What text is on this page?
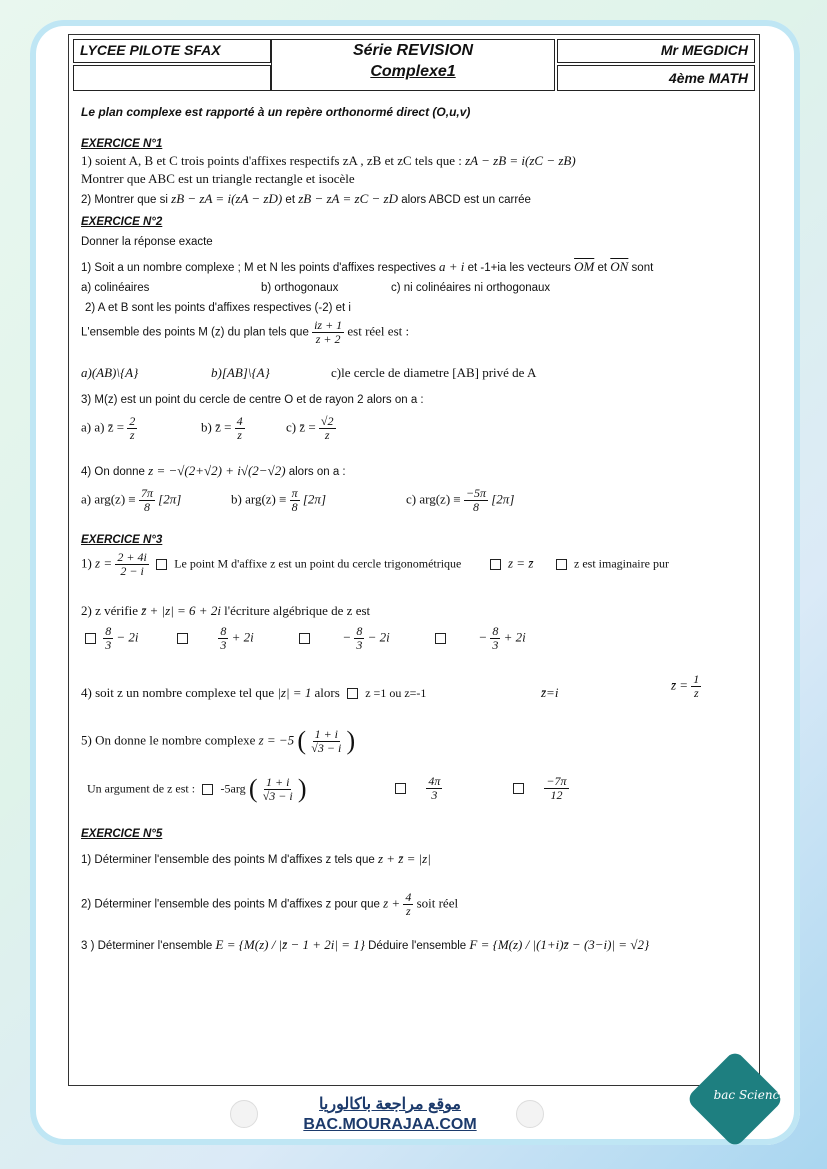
LYCEE PILOTE SFAX	Série REVISION
Complexe1
Mr MEGDICH
4ème MATH
Le plan complexe est rapporté à un repère orthonormé direct (O,u,v)
EXERCICE N°1
1) soient A, B et C trois points d'affixes respectifs zA , zB et zC tels que : zA − zB = i(zC − zB)
Montrer que ABC est un triangle rectangle et isocèle
2) Montrer que si zB − zA = i(zA − zD) et zB − zA = zC − zD alors ABCD est un carrée
EXERCICE N°2
Donner la réponse exacte
1) Soit a un nombre complexe ; M et N les points d'affixes respectives a + i et -1+ia les vecteurs $\overline{OM}$ et $\overline{ON}$ sont
a) colinéaires	b) orthogonaux	c) ni colinéaires ni orthogonaux
2) A et B sont les points d'affixes respectives (-2) et i
L'ensemble des points M (z) du plan tels que $\frac{iz + 1}{z + 2}$ est réel est :
a)(AB)\{A}	b)[AB]\{A}	c)le cercle de diametre [AB] privé de A
3) M(z) est un point du cercle de centre O et de rayon 2 alors on a :
a) a) z̄ = $\frac{2}{z}$	b) z̄ = $\frac{4}{z}$	c) z̄ = $\frac{√2}{z}$
4) On donne z = −√(2+√2) + i√(2−√2) alors on a :
a) $arg(z) \equiv \frac{7\pi}{8} [2\pi]$	b) $arg(z) \equiv \frac{\pi}{8} [2\pi]$	c) $arg(z) \equiv \frac{-5\pi}{8} [2\pi]$
EXERCICE N°3
1) $z = \frac{2 + 4i}{2 - i}$ Le point M d'affixe z est un point du cercle trigonométrique	z = z̄	z est imaginaire pur
2) z vérifie z̄ + |z| = 6 + 2i l'écriture algébrique de z est

$\frac{8}{3} - 2i$
	$\frac{8}{3} + 2i$	− $\frac{8}{3} - 2i$	− $\frac{8}{3} + 2i$
4) soit z un nombre complexe tel que |z| = 1 alors z =1 ou z=-1	z̄=i	z̄ = $\frac{1}{z}$
5) On donne le nombre complexe z = −5 ( $\frac{1 + i}{√3 - i}$ )
Un argument de z est : -5arg ( $\frac{1 + i}{√3 - i}$ )
	$\frac{4\pi}{3}$
	$\frac{-7\pi}{12}$
EXERCICE N°5
1) Déterminer l'ensemble des points M d'affixes z tels que z + z̄ = |z|
2) Déterminer l'ensemble des points M d'affixes z pour que $z + \frac{4}{z}$ soit réel
3 ) Déterminer l'ensemble E = {M(z) / |z̄ − 1 + 2i| = 1} Déduire l'ensemble F = {M(z) / |(1+i)z̄ − (3−i)| = √2}
موقع مراجعة باكالوريا
BAC.MOURAJAA.COM
bac Science
